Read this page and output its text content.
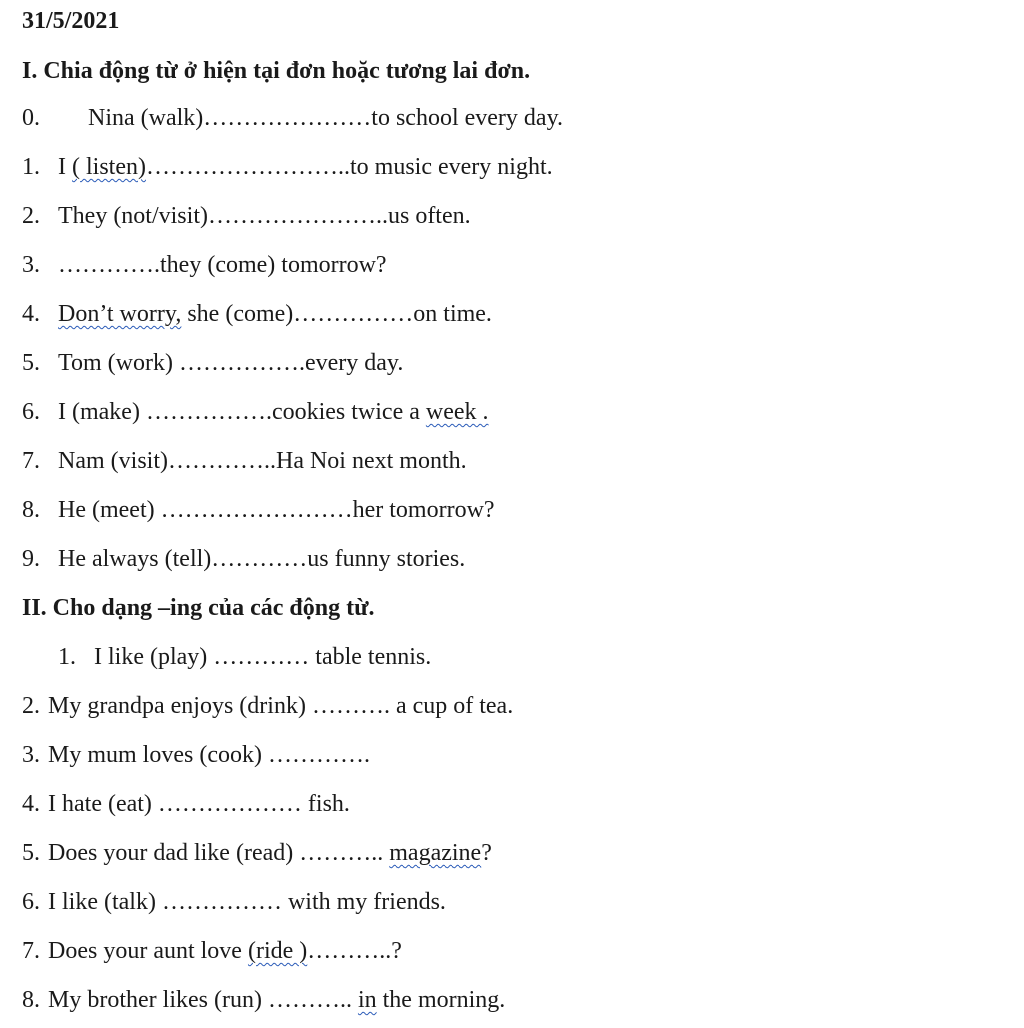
31/5/2021
I. Chia động từ ở hiện tại đơn hoặc tương lai đơn.
0. Nina (walk)…………………to school every day.
1. I ( listen)……………………..to music every night.
2. They (not/visit)…………………..us often.
3. ………….they (come) tomorrow?
4. Don’t worry, she (come)……………on time.
5. Tom (work) …………….every day.
6. I (make) …………….cookies twice a week .
7. Nam (visit)…………..Ha Noi next month.
8. He (meet) ……………………her tomorrow?
9. He always (tell)…………us funny stories.
II. Cho dạng –ing của các động từ.
1. I like (play) ………… table tennis.
2. My grandpa enjoys (drink) ………. a cup of tea.
3. My mum loves (cook) ………….
4. I hate (eat) ……………… fish.
5. Does your dad like (read) ……….. magazine?
6. I like (talk) …………… with my friends.
7. Does your aunt love (ride )………..?
8. My brother likes (run) ……….. in the morning.
